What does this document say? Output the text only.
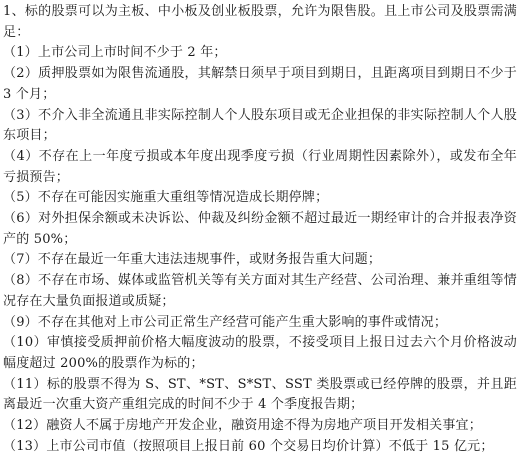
1、标的股票可以为主板、中小板及创业板股票，允许为限售股。且上市公司及股票需满足：

（1）上市公司上市时间不少于 2 年；

（2）质押股票如为限售流通股，其解禁日须早于项目到期日，且距离项目到期日不少于 3 个月；

（3）不介入非全流通且非实际控制人个人股东项目或无企业担保的非实际控制人个人股东项目；

（4）不存在上一年度亏损或本年度出现季度亏损（行业周期性因素除外），或发布全年亏损预告；

（5）不存在可能因实施重大重组等情况造成长期停牌；

（6）对外担保余额或未决诉讼、仲裁及纠纷金额不超过最近一期经审计的合并报表净资产的 50%；

（7）不存在最近一年重大违法违规事件，或财务报告重大问题；

（8）不存在市场、媒体或监管机关等有关方面对其生产经营、公司治理、兼并重组等情况存在大量负面报道或质疑；

（9）不存在其他对上市公司正常生产经营可能产生重大影响的事件或情况；

（10）审慎接受质押前价格大幅度波动的股票，不接受项目上报日过去六个月价格波动幅度超过 200%的股票作为标的；

（11）标的股票不得为 S、ST、*ST、S*ST、SST 类股票或已经停牌的股票，并且距离最近一次重大资产重组完成的时间不少于 4 个季度报告期；

（12）融资人不属于房地产开发企业，融资用途不得为房地产项目开发相关事宜；

（13）上市公司市值（按照项目上报日前 60 个交易日均价计算）不低于 15 亿元；
